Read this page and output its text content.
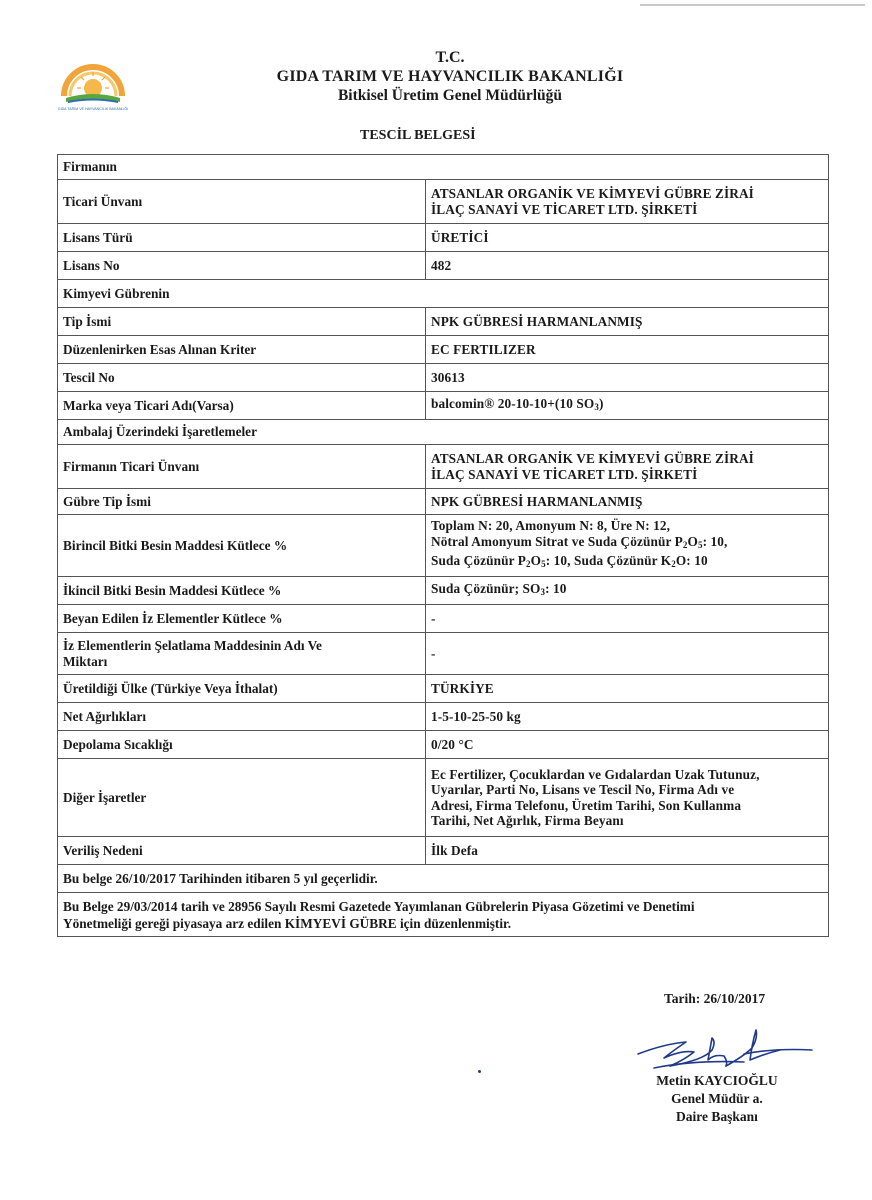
GIDA TARIM VE HAYVANCILIK BAKANLIĞI
T.C.
GIDA TARIM VE HAYVANCILIK BAKANLIĞI
Bitkisel Üretim Genel Müdürlüğü
TESCİL BELGESİ
Firmanın	
Ticari Ünvanı	ATSANLAR ORGANİK VE KİMYEVİ GÜBRE ZİRAİ
İLAÇ SANAYİ VE TİCARET LTD. ŞİRKETİ

Lisans Türü	ÜRETİCİ
Lisans No	482
Kimyevi Gübrenin	
Tip İsmi	NPK GÜBRESİ HARMANLANMIŞ
Düzenlenirken Esas Alınan Kriter	EC FERTILIZER
Tescil No	30613
Marka veya Ticari Adı(Varsa)	balcomin® 20-10-10+(10 $SO_3$)
Ambalaj Üzerindeki İşaretlemeler	
Firmanın Ticari Ünvanı	ATSANLAR ORGANİK VE KİMYEVİ GÜBRE ZİRAİ
İLAÇ SANAYİ VE TİCARET LTD. ŞİRKETİ

Gübre Tip İsmi	NPK GÜBRESİ HARMANLANMIŞ
Birincil Bitki Besin Maddesi Kütlece %	Toplam N: 20, Amonyum N: 8, Üre N: 12,
Nötral Amonyum Sitrat ve Suda Çözünür $P_2O_5$: 10,
Suda Çözünür $P_2O_5$: 10, Suda Çözünür $K_2O$: 10

İkincil Bitki Besin Maddesi Kütlece %	Suda Çözünür; $SO_3$: 10
Beyan Edilen İz Elementler Kütlece %	-

İz Elementlerin Şelatlama Maddesinin Adı Ve
Miktarı	-
Üretildiği Ülke (Türkiye Veya İthalat)	TÜRKİYE
Net Ağırlıkları	1-5-10-25-50 kg
Depolama Sıcaklığı	0/20 °C
Diğer İşaretler	Ec Fertilizer, Çocuklardan ve Gıdalardan Uzak Tutunuz,
Uyarılar, Parti No, Lisans ve Tescil No, Firma Adı ve
Adresi, Firma Telefonu, Üretim Tarihi, Son Kullanma
Tarihi, Net Ağırlık, Firma Beyanı

Veriliş Nedeni	İlk Defa
Bu belge 26/10/2017 Tarihinden itibaren 5 yıl geçerlidir.	

Bu Belge 29/03/2014 tarih ve 28956 Sayılı Resmi Gazetede Yayımlanan Gübrelerin Piyasa Gözetimi ve Denetimi
Yönetmeliği gereği piyasaya arz edilen KİMYEVİ GÜBRE için düzenlenmiştir.	
Tarih: 26/10/2017
Metin KAYCIOĞLU
Genel Müdür a.
Daire Başkanı
